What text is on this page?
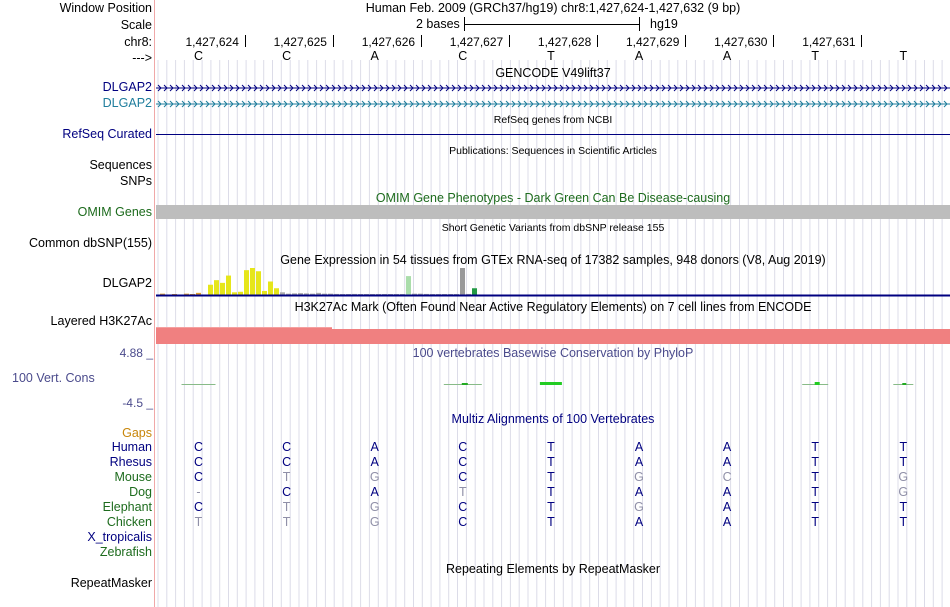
Window Position	Human Feb. 2009 (GRCh37/hg19) chr8:1,427,624-1,427,632 (9 bp)
Scale	2 bases	hg19
chr8:	1,427,624	1,427,625	1,427,626	1,427,627	1,427,628	1,427,629	1,427,630	1,427,631
--->	C	C	A	C	T	A	A	T	T
GENCODE V49lift37
DLGAP2
DLGAP2
RefSeq genes from NCBI
RefSeq Curated
Publications: Sequences in Scientific Articles
Sequences
SNPs
OMIM Gene Phenotypes - Dark Green Can Be Disease-causing
OMIM Genes
Short Genetic Variants from dbSNP release 155
Common dbSNP(155)
Gene Expression in 54 tissues from GTEx RNA-seq of 17382 samples, 948 donors (V8, Aug 2019)
DLGAP2
H3K27Ac Mark (Often Found Near Active Regulatory Elements) on 7 cell lines from ENCODE
Layered H3K27Ac
4.88 _	100 vertebrates Basewise Conservation by PhyloP
100 Vert. Cons
-4.5 _
Multiz Alignments of 100 Vertebrates
Gaps
Human	C	C	A	C	T	A	A	T	T
Rhesus	C	C	A	C	T	A	A	T	T
Mouse	C	T	G	C	T	G	C	T	G
Dog	-	C	A	T	T	A	A	T	G
Elephant	C	T	G	C	T	G	A	T	T
Chicken	T	T	G	C	T	A	A	T	T
X_tropicalis
Zebrafish
Repeating Elements by RepeatMasker
RepeatMasker
